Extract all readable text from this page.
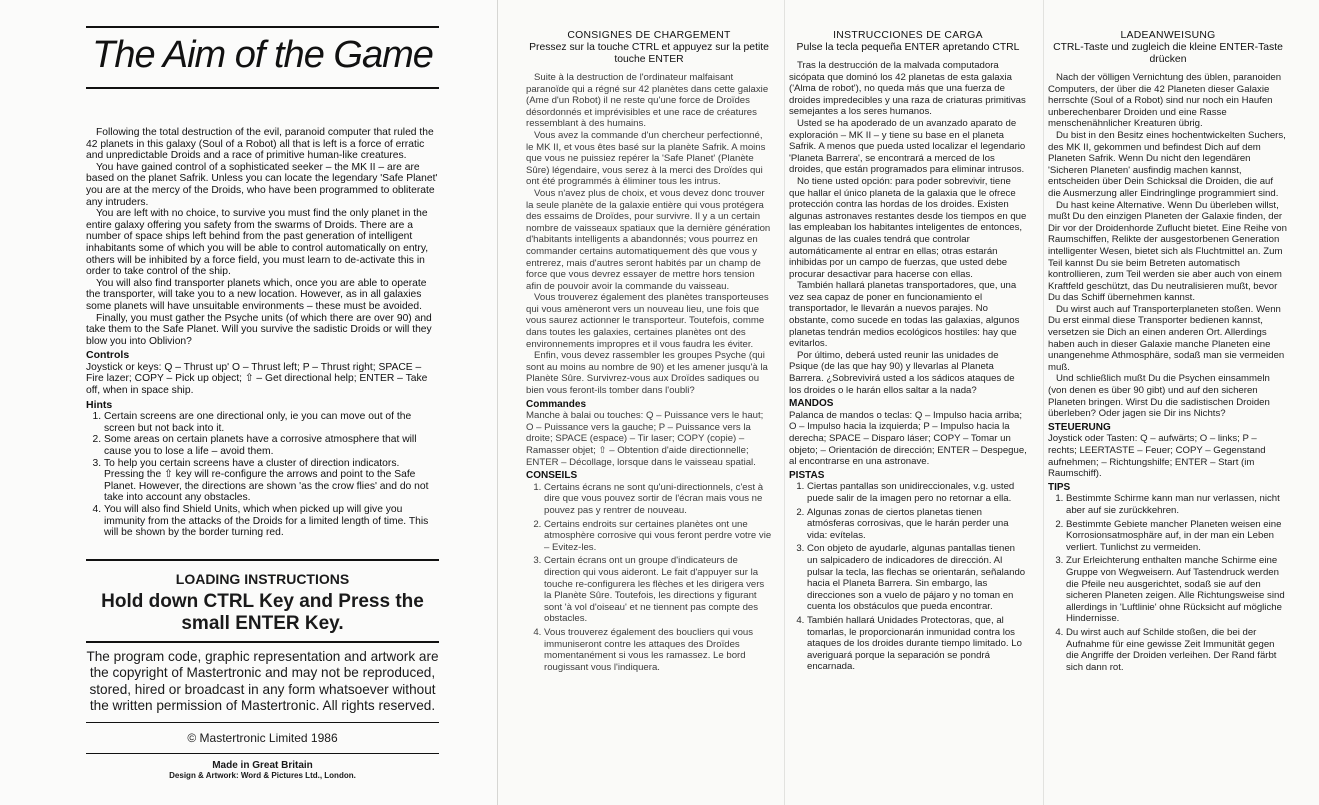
The Aim of the Game

Following the total destruction of the evil, paranoid computer that ruled the 42 planets in this galaxy (Soul of a Robot) all that is left is a force of erratic and unpredictable Droids and a race of primitive human-like creatures.

You have gained control of a sophisticated seeker – the MK II – are are based on the planet Safrik. Unless you can locate the legendary 'Safe Planet' you are at the mercy of the Droids, who have been programmed to obliterate any intruders.

You are left with no choice, to survive you must find the only planet in the entire galaxy offering you safety from the swarms of Droids. There are a number of space ships left behind from the past generation of intelligent inhabitants some of which you will be able to control automatically on entry, others will be inhibited by a force field, you must learn to de-activate this in order to take control of the ship.

You will also find transporter planets which, once you are able to operate the transporter, will take you to a new location. However, as in all galaxies some planets will have unsuitable environments – these must be avoided.

Finally, you must gather the Psyche units (of which there are over 90) and take them to the Safe Planet. Will you survive the sadistic Droids or will they blow you into Oblivion?

Controls
Joystick or keys: Q – Thrust up' O – Thrust left; P – Thrust right; SPACE – Fire lazer; COPY – Pick up object; ⇧ – Get directional help; ENTER – Take off, when in space ship.
Hints
1. Certain screens are one directional only, ie you can move out of the screen but not back into it.
2. Some areas on certain planets have a corrosive atmosphere that will cause you to lose a life – avoid them.
3. To help you certain screens have a cluster of direction indicators. Pressing the ⇧ key will re-configure the arrows and point to the Safe Planet. However, the directions are shown 'as the crow flies' and do not take into account any obstacles.
4. You will also find Shield Units, which when picked up will give you immunity from the attacks of the Droids for a limited length of time. This will be shown by the border turning red.
LOADING INSTRUCTIONS
Hold down CTRL Key and Press the small ENTER Key.
The program code, graphic representation and artwork are the copyright of Mastertronic and may not be reproduced, stored, hired or broadcast in any form whatsoever without the written permission of Mastertronic. All rights reserved.
© Mastertronic Limited 1986
Made in Great Britain
Design & Artwork: Word & Pictures Ltd., London.
CONSIGNES DE CHARGEMENT
Pressez sur la touche CTRL et appuyez sur la petite touche ENTER

Suite à la destruction de l'ordinateur malfaisant paranoïde qui a régné sur 42 planètes dans cette galaxie (Ame d'un Robot) il ne reste qu'une force de Droïdes désordonnés et imprévisibles et une race de créatures ressemblant à des humains.

Vous avez la commande d'un chercheur perfectionné, le MK II, et vous êtes basé sur la planète Safrik. A moins que vous ne puissiez repérer la 'Safe Planet' (Planète Sûre) légendaire, vous serez à la merci des Droïdes qui ont été programmés à éliminer tous les intrus.

Vous n'avez plus de choix, et vous devez donc trouver la seule planète de la galaxie entière qui vous protégera des essaims de Droïdes, pour survivre. Il y a un certain nombre de vaisseaux spatiaux que la dernière génération d'habitants intelligents a abandonnés; vous pourrez en commander certains automatiquement dès que vous y entrerez, mais d'autres seront habités par un champ de force que vous devrez essayer de mettre hors tension afin de pouvoir avoir la commande du vaisseau.

Vous trouverez également des planètes transporteuses qui vous amèneront vers un nouveau lieu, une fois que vous saurez actionner le transporteur. Toutefois, comme dans toutes les galaxies, certaines planètes ont des environnements impropres et il vous faudra les éviter.

Enfin, vous devez rassembler les groupes Psyche (qui sont au moins au nombre de 90) et les amener jusqu'à la Planète Sûre. Survivrez-vous aux Droïdes sadiques ou bien vous feront-ils tomber dans l'oubli?

Commandes
Manche à balai ou touches: Q – Puissance vers le haut; O – Puissance vers la gauche; P – Puissance vers la droite; SPACE (espace) – Tir laser; COPY (copie) – Ramasser objet; ⇧ – Obtention d'aide directionnelle; ENTER – Décollage, lorsque dans le vaisseau spatial.
CONSEILS
1. Certains écrans ne sont qu'uni-directionnels, c'est à dire que vous pouvez sortir de l'écran mais vous ne pouvez pas y rentrer de nouveau.
2. Certains endroits sur certaines planètes ont une atmosphère corrosive qui vous feront perdre votre vie – Evitez-les.
3. Certain écrans ont un groupe d'indicateurs de direction qui vous aideront. Le fait d'appuyer sur la touche re-configurera les flèches et les dirigera vers la Planète Sûre. Toutefois, les directions y figurant sont 'à vol d'oiseau' et ne tiennent pas compte des obstacles.
4. Vous trouverez également des boucliers qui vous immuniseront contre les attaques des Droïdes momentanément si vous les ramassez. Le bord rougissant vous l'indiquera.
INSTRUCCIONES DE CARGA
Pulse la tecla pequeña ENTER apretando CTRL

Tras la destrucción de la malvada computadora sicópata que dominó los 42 planetas de esta galaxia ('Alma de robot'), no queda más que una fuerza de droides impredecibles y una raza de criaturas primitivas semejantes a los seres humanos.

Usted se ha apoderado de un avanzado aparato de exploración – MK II – y tiene su base en el planeta Safrik. A menos que pueda usted localizar el legendario 'Planeta Barrera', se encontrará a merced de los droides, que están programados para eliminar intrusos.

No tiene usted opción: para poder sobrevivir, tiene que hallar el único planeta de la galaxia que le ofrece protección contra las hordas de los droides. Existen algunas astronaves restantes desde los tiempos en que las empleaban los habitantes inteligentes de entonces, algunas de las cuales tendrá que controlar automáticamente al entrar en ellas; otras estarán inhibidas por un campo de fuerzas, que usted debe procurar desactivar para hacerse con ellas.

También hallará planetas transportadores, que, una vez sea capaz de poner en funcionamiento el transportador, le llevarán a nuevos parajes. No obstante, como sucede en todas las galaxias, algunos planetas tendrán medios ecológicos hostiles: hay que evitarlos.

Por último, deberá usted reunir las unidades de Psique (de las que hay 90) y llevarlas al Planeta Barrera. ¿Sobrevivirá usted a los sádicos ataques de los droides o le harán ellos saltar a la nada?

MANDOS
Palanca de mandos o teclas: Q – Impulso hacia arriba; O – Impulso hacia la izquierda; P – Impulso hacia la derecha; SPACE – Disparo láser; COPY – Tomar un objeto; – Orientación de dirección; ENTER – Despegue, al encontrarse en una astronave.
PISTAS
1. Ciertas pantallas son unidireccionales, v.g. usted puede salir de la imagen pero no retornar a ella.
2. Algunas zonas de ciertos planetas tienen atmósferas corrosivas, que le harán perder una vida: evítelas.
3. Con objeto de ayudarle, algunas pantallas tienen un salpicadero de indicadores de dirección. Al pulsar la tecla, las flechas se orientarán, señalando hacia el Planeta Barrera. Sin embargo, las direcciones son a vuelo de pájaro y no toman en cuenta los obstáculos que pueda encontrar.
4. También hallará Unidades Protectoras, que, al tomarlas, le proporcionarán inmunidad contra los ataques de los droides durante tiempo limitado. Lo averiguará porque la separación se pondrá encarnada.
LADEANWEISUNG
CTRL-Taste und zugleich die kleine ENTER-Taste drücken

Nach der völligen Vernichtung des üblen, paranoiden Computers, der über die 42 Planeten dieser Galaxie herrschte (Soul of a Robot) sind nur noch ein Haufen unberechenbarer Droiden und eine Rasse menschenähnlicher Kreaturen übrig.

Du bist in den Besitz eines hochentwickelten Suchers, des MK II, gekommen und befindest Dich auf dem Planeten Safrik. Wenn Du nicht den legendären 'Sicheren Planeten' ausfindig machen kannst, entscheiden über Dein Schicksal die Droiden, die auf die Ausmerzung aller Eindringlinge programmiert sind.

Du hast keine Alternative. Wenn Du überleben willst, mußt Du den einzigen Planeten der Galaxie finden, der Dir vor der Droidenhorde Zuflucht bietet. Eine Reihe von Raumschiffen, Relikte der ausgestorbenen Generation intelligenter Wesen, bietet sich als Fluchtmittel an. Zum Teil kannst Du sie beim Betreten automatisch kontrollieren, zum Teil werden sie aber auch von einem Kraftfeld geschützt, das Du neutralisieren mußt, bevor Du das Schiff übernehmen kannst.

Du wirst auch auf Transporterplaneten stoßen. Wenn Du erst einmal diese Transporter bedienen kannst, versetzen sie Dich an einen anderen Ort. Allerdings haben auch in dieser Galaxie manche Planeten eine unangenehme Athmosphäre, sodaß man sie vermeiden muß.

Und schließlich mußt Du die Psychen einsammeln (von denen es über 90 gibt) und auf den sicheren Planeten bringen. Wirst Du die sadistischen Droiden überleben? Oder jagen sie Dir ins Nichts?

STEUERUNG
Joystick oder Tasten: Q – aufwärts; O – links; P – rechts; LEERTASTE – Feuer; COPY – Gegenstand aufnehmen; – Richtungshilfe; ENTER – Start (im Raumschiff).
TIPS
1. Bestimmte Schirme kann man nur verlassen, nicht aber auf sie zurückkehren.
2. Bestimmte Gebiete mancher Planeten weisen eine Korrosionsatmosphäre auf, in der man ein Leben verliert. Tunlichst zu vermeiden.
3. Zur Erleichterung enthalten manche Schirme eine Gruppe von Wegweisern. Auf Tastendruck werden die Pfeile neu ausgerichtet, sodaß sie auf den sicheren Planeten zeigen. Alle Richtungsweise sind allerdings in 'Luftlinie' ohne Rücksicht auf mögliche Hindernisse.
4. Du wirst auch auf Schilde stoßen, die bei der Aufnahme für eine gewisse Zeit Immunität gegen die Angriffe der Droiden verleihen. Der Rand färbt sich dann rot.
